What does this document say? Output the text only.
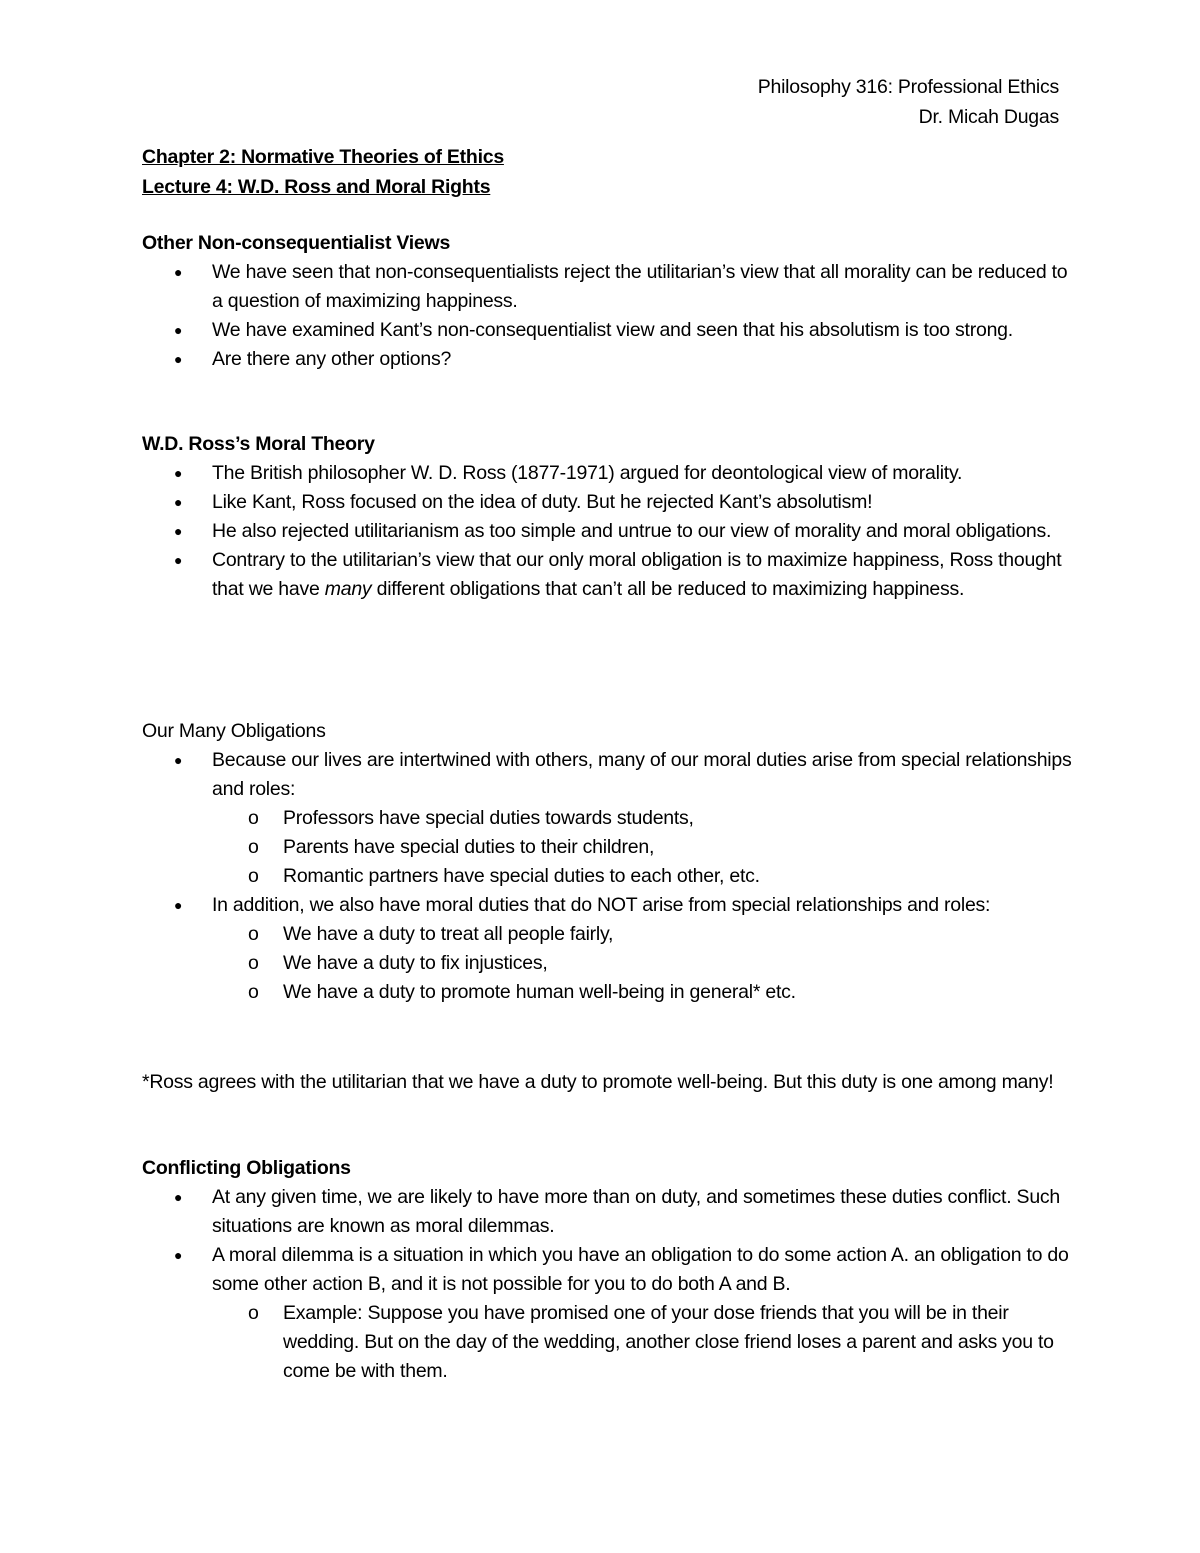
Philosophy 316: Professional Ethics
Dr. Micah Dugas
Chapter 2: Normative Theories of Ethics
Lecture 4: W.D. Ross and Moral Rights
Other Non-consequentialist Views
● We have seen that non-consequentialists reject the utilitarian’s view that all morality can be reduced to a question of maximizing happiness.
● We have examined Kant’s non-consequentialist view and seen that his absolutism is too strong.
● Are there any other options?
W.D. Ross’s Moral Theory
● The British philosopher W. D. Ross (1877-1971) argued for deontological view of morality.
● Like Kant, Ross focused on the idea of duty. But he rejected Kant’s absolutism!
● He also rejected utilitarianism as too simple and untrue to our view of morality and moral obligations.
● Contrary to the utilitarian’s view that our only moral obligation is to maximize happiness, Ross thought that we have many different obligations that can’t all be reduced to maximizing happiness.
Our Many Obligations
● Because our lives are intertwined with others, many of our moral duties arise from special relationships and roles:
o Professors have special duties towards students,
o Parents have special duties to their children,
o Romantic partners have special duties to each other, etc.
● In addition, we also have moral duties that do NOT arise from special relationships and roles:
o We have a duty to treat all people fairly,
o We have a duty to fix injustices,
o We have a duty to promote human well-being in general* etc.
*Ross agrees with the utilitarian that we have a duty to promote well-being. But this duty is one among many!
Conflicting Obligations
● At any given time, we are likely to have more than on duty, and sometimes these duties conflict. Such situations are known as moral dilemmas.
● A moral dilemma is a situation in which you have an obligation to do some action A. an obligation to do some other action B, and it is not possible for you to do both A and B.
o Example: Suppose you have promised one of your dose friends that you will be in their wedding. But on the day of the wedding, another close friend loses a parent and asks you to come be with them.
